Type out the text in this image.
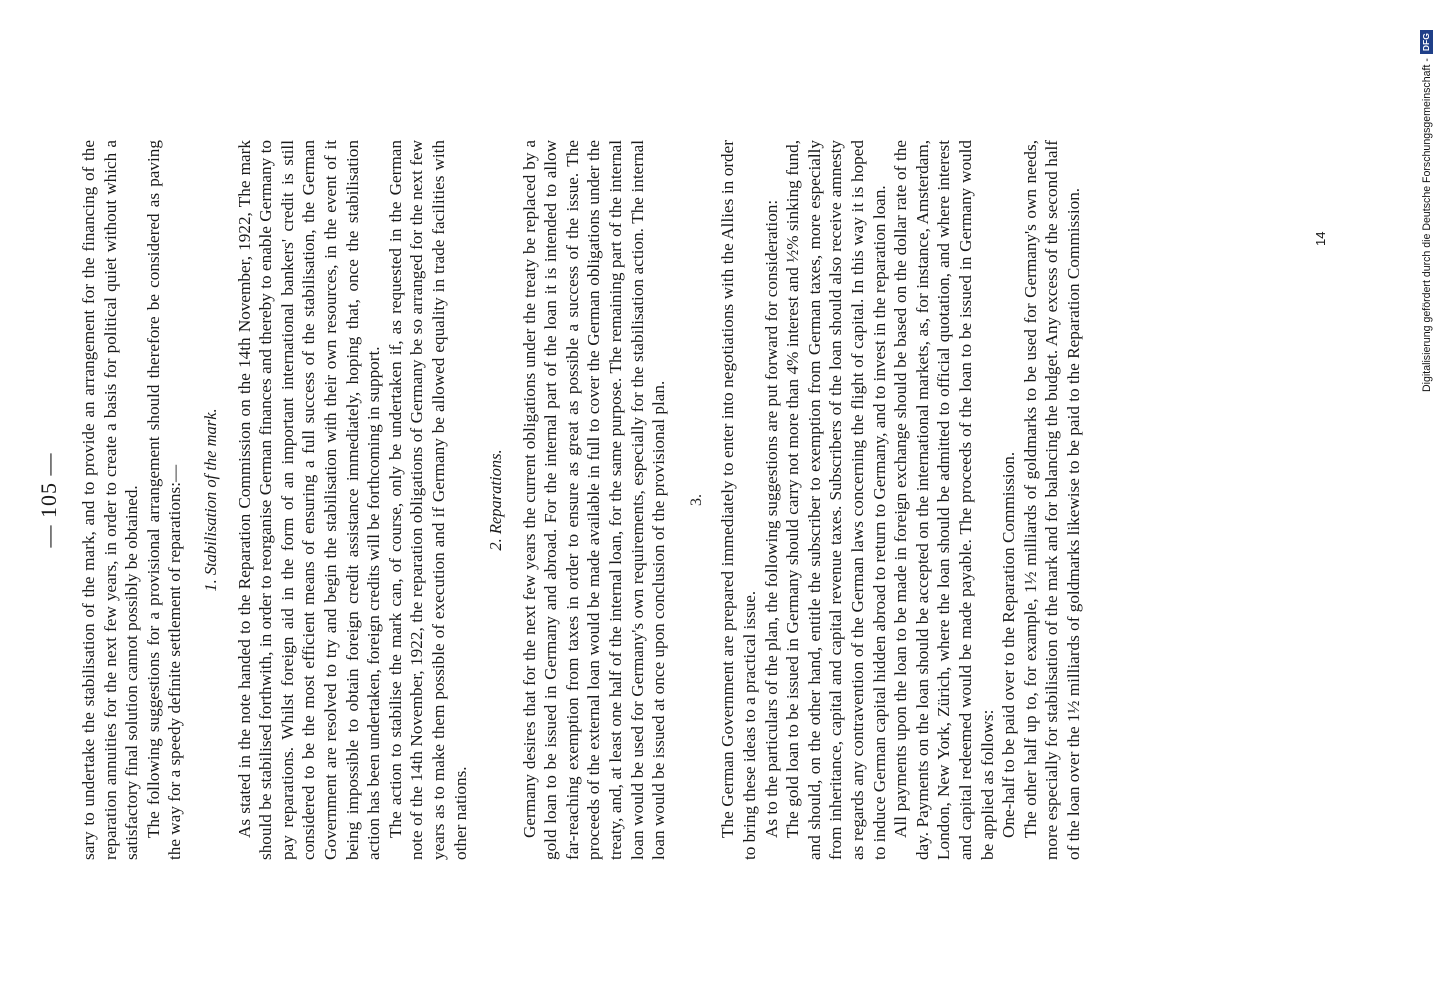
— 105 —	sary to undertake the stabilisation of the mark, and to provide an arrangement for the financing of the reparation annuities for the next few years, in order to create a basis for political quiet without which a satisfactory final solution cannot possibly be obtained. The following suggestions for a provisional arrangement should therefore be considered as paving the way for a speedy definite settlement of reparations:— 1. Stabilisation of the mark. As stated in the note handed to the Reparation Commission on the 14th November, 1922, The mark should be stabilised forthwith, in order to reorganise German finances and thereby to enable Germany to pay reparations. Whilst foreign aid in the form of an important international bankers' credit is still considered to be the most efficient means of ensuring a full success of the stabilisation, the German Government are resolved to try and begin the stabilisation with their own resources, in the event of it being impossible to obtain foreign credit assistance immediately, hoping that, once the stabilisation action has been undertaken, foreign credits will be forthcoming in support. The action to stabilise the mark can, of course, only be undertaken if, as requested in the German note of the 14th November, 1922, the reparation obligations of Germany be so arranged for the next few years as to make them possible of execution and if Germany be allowed equality in trade facilities with other nations.

2. Reparations. Germany desires that for the next few years the current obligations under the treaty be replaced by a gold loan to be issued in Germany and abroad. For the internal part of the loan it is intended to allow far-reaching exemption from taxes in order to ensure as great as possible a success of the issue. The proceeds of the external loan would be made available in full to cover the German obligations under the treaty, and, at least one half of the internal loan, for the same purpose. The remaining part of the internal loan would be used for Germany's own requirements, especially for the stabilisation action. The internal loan would be issued at once upon conclusion of the provisional plan. 3. The German Government are prepared immediately to enter into negotiations with the Allies in order to bring these ideas to a practical issue. As to the particulars of the plan, the following suggestions are put forward for consideration: The gold loan to be issued in Germany should carry not more than 4% interest and ½% sinking fund, and should, on the other hand, entitle the subscriber to exemption from German taxes, more especially from inheritance, capital and capital revenue taxes. Subscribers of the loan should also receive amnesty as regards any contravention of the German laws concerning the flight of capital. In this way it is hoped to induce German capital hidden abroad to return to Germany, and to invest in the reparation loan. All payments upon the loan to be made in foreign exchange should be based on the dollar rate of the day. Payments on the loan should be accepted on the international markets, as, for instance, Amsterdam, London, New York, Zürich, where the loan should be admitted to official quotation, and where interest and capital redeemed would be made payable. The proceeds of the loan to be issued in Germany would be applied as follows: One-half to be paid over to the Reparation Commission. The other half up to, for example, 1½ milliards of goldmarks to be used for Germany's own needs, more especially for stabilisation of the mark and for balancing the budget. Any excess of the second half of the loan over the 1½ milliards of goldmarks likewise to be paid to the Reparation Commission.	14	Digitalisierung gefördert durch die Deutsche Forschungsgemeinschaft -
DFG
